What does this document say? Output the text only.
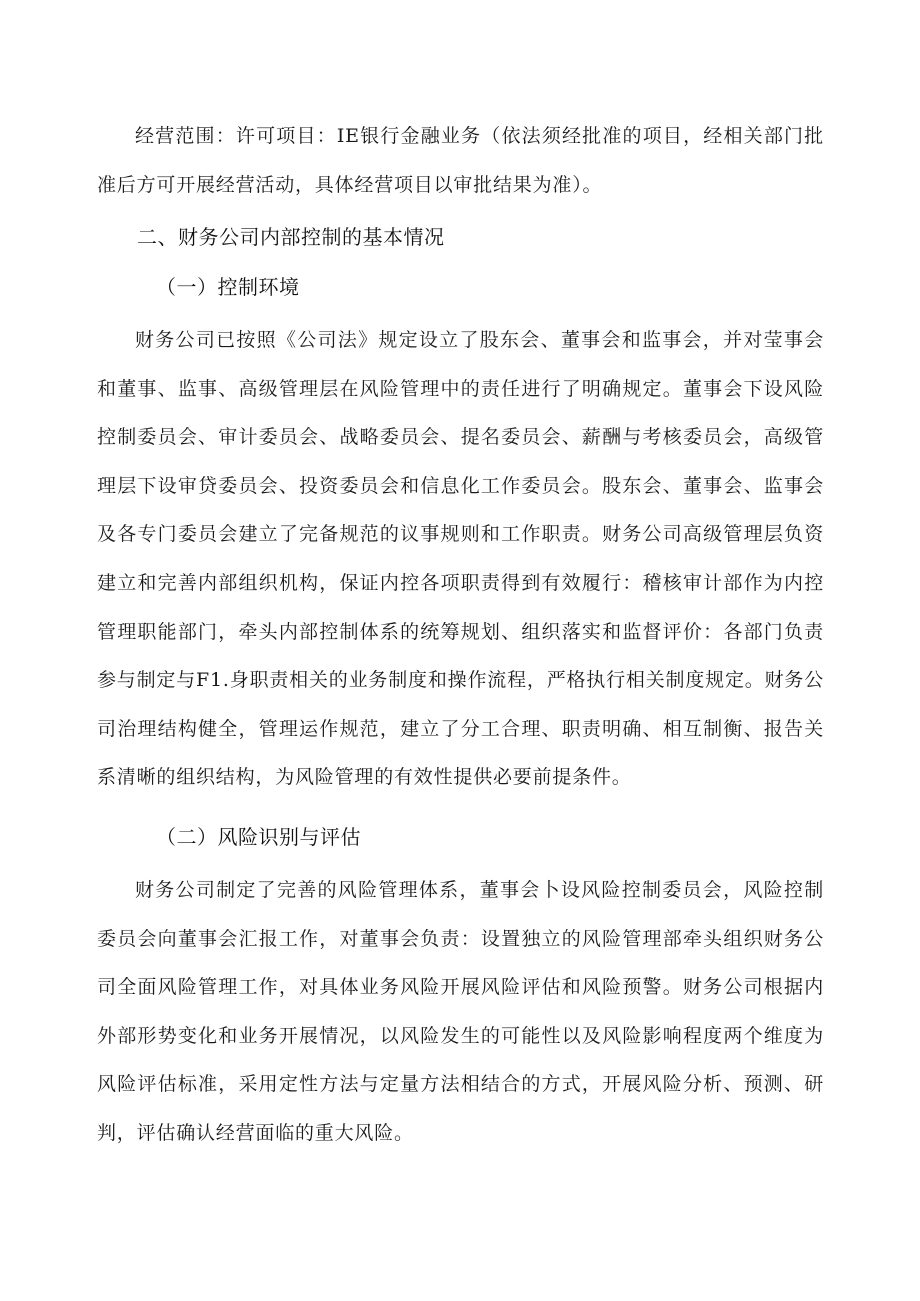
经营范围：许可项目：IE银行金融业务（依法须经批准的项目，经相关部门批准后方可开展经营活动，具体经营项目以审批结果为准）。

二、财务公司内部控制的基本情况
（一）控制环境

财务公司已按照《公司法》规定设立了股东会、董事会和监事会，并对莹事会和董事、监事、高级管理层在风险管理中的责任进行了明确规定。董事会下设风险控制委员会、审计委员会、战略委员会、提名委员会、薪酬与考核委员会，高级管理层下设审贷委员会、投资委员会和信息化工作委员会。股东会、董事会、监事会及各专门委员会建立了完备规范的议事规则和工作职责。财务公司高级管理层负资建立和完善内部组织机构，保证内控各项职责得到有效履行：稽核审计部作为内控管理职能部门，牵头内部控制体系的统筹规划、组织落实和监督评价：各部门负责参与制定与F1.身职责相关的业务制度和操作流程，严格执行相关制度规定。财务公司治理结构健全，管理运作规范，建立了分工合理、职责明确、相互制衡、报告关系清晰的组织结构，为风险管理的有效性提供必要前提条件。

（二）风险识别与评估

财务公司制定了完善的风险管理体系，董事会卜设风险控制委员会，风险控制委员会向董事会汇报工作，对董事会负责：设置独立的风险管理部牵头组织财务公司全面风险管理工作，对具体业务风险开展风险评估和风险预警。财务公司根据内外部形势变化和业务开展情况，以风险发生的可能性以及风险影响程度两个维度为风险评估标准，采用定性方法与定量方法相结合的方式，开展风险分析、预测、研判，评估确认经营面临的重大风险。
